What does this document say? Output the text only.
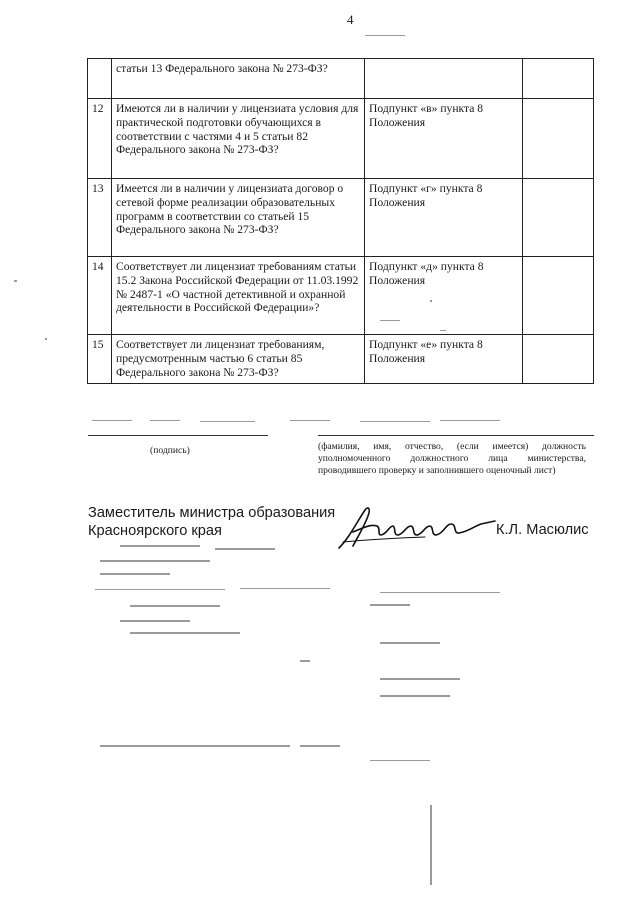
4
	статьи 13 Федерального закона № 273-ФЗ?		
12	Имеются ли в наличии у лицензиата условия для практической подготовки обучающихся в соответствии с частями 4 и 5 статьи 82 Федерального закона № 273-ФЗ?	Подпункт «в» пункта 8 Положения	
13	Имеется ли в наличии у лицензиата договор о сетевой форме реализации образовательных программ в соответствии со статьей 15 Федерального закона № 273-ФЗ?	Подпункт «г» пункта 8 Положения	
14	Соответствует ли лицензиат требованиям статьи 15.2 Закона Российской Федерации от 11.03.1992 № 2487-1 «О частной детективной и охранной деятельности в Российской Федерации»?	Подпункт «д» пункта 8 Положения	
15	Соответствует ли лицензиат требованиям, предусмотренным частью 6 статьи 85 Федерального закона № 273-ФЗ?	Подпункт «е» пункта 8 Положения	
(подпись)	(фамилия, имя, отчество, (если имеется) должность уполномоченного должностного лица министерства, проводившего проверку и заполнившего оценочный лист)
Заместитель министра образования
Красноярского края	К.Л. Масюлис
